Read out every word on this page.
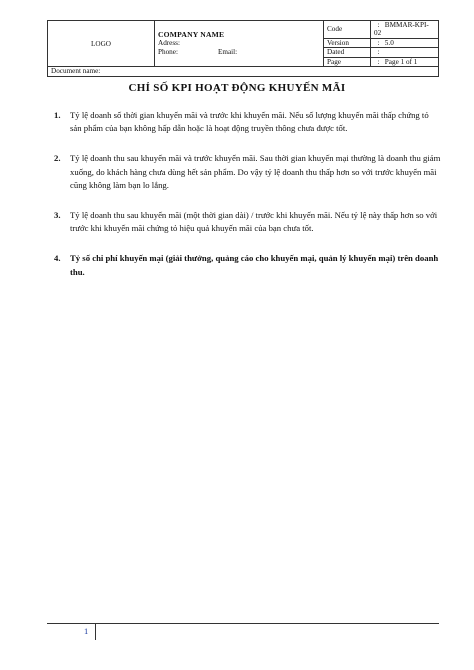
LOGO	COMPANY NAME
Adress:
Phone: Email:	Code	: BMMAR-KPI-02
		Version	: 5.0
		Dated	:
		Page	: Page 1 of 1
Document name:			
CHỈ SỐ KPI HOẠT ĐỘNG KHUYẾN MÃI
1.	Tỷ lệ doanh số thời gian khuyến mãi và trước khi khuyến mãi. Nếu số lượng khuyến mãi thấp chứng tỏ sản phẩm của bạn không hấp dẫn hoặc là hoạt động truyền thông chưa được tốt.
2.	Tỷ lệ doanh thu sau khuyến mãi và trước khuyến mãi. Sau thời gian khuyến mại thường là doanh thu giảm xuống, do khách hàng chưa dùng hết sản phẩm. Do vậy tỷ lệ doanh thu thấp hơn so với trước khuyến mãi cũng không làm bạn lo lắng.
3.	Tỷ lệ doanh thu sau khuyến mãi (một thời gian dài) / trước khi khuyến mãi. Nếu tỷ lệ này thấp hơn so với trước khi khuyến mãi chứng tỏ hiệu quả khuyến mãi của bạn chưa tốt.
4.	Tỷ số chi phí khuyến mại (giải thưởng, quảng cáo cho khuyến mại, quản lý khuyến mại) trên doanh thu.
1
